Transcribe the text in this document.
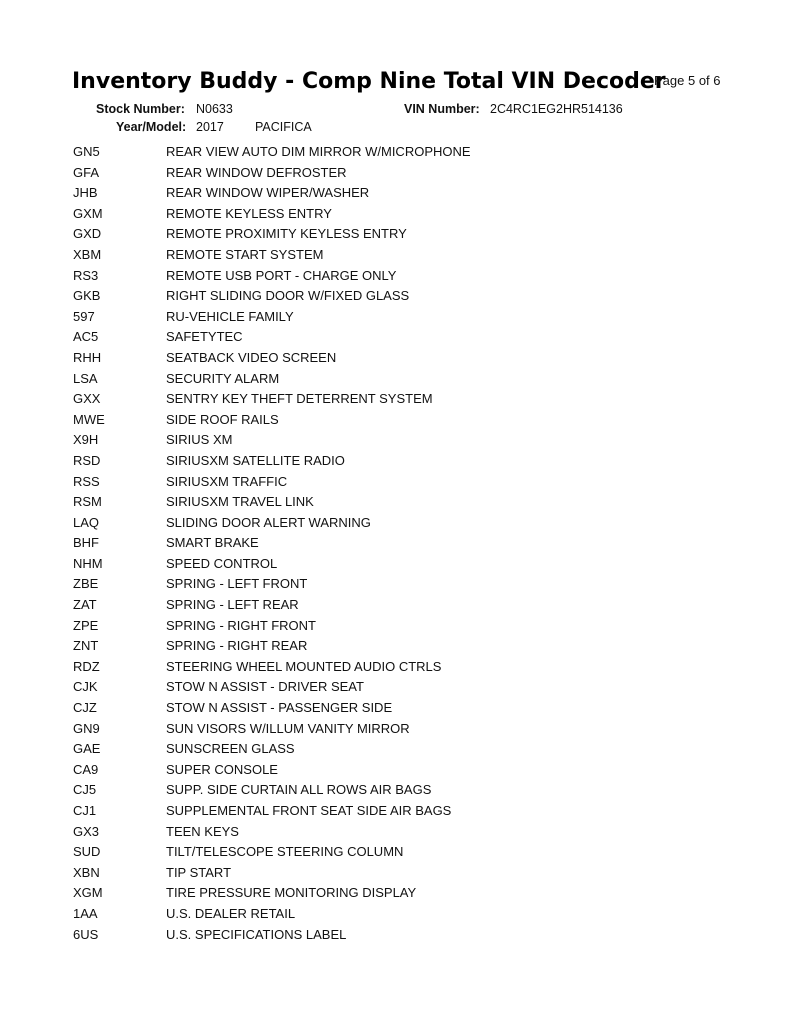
Inventory Buddy - Comp Nine Total VIN Decoder
Page 5 of 6
Stock Number: N0633	VIN Number: 2C4RC1EG2HR514136
Year/Model: 2017 PACIFICA
GN5	REAR VIEW AUTO DIM MIRROR W/MICROPHONE
GFA	REAR WINDOW DEFROSTER
JHB	REAR WINDOW WIPER/WASHER
GXM	REMOTE KEYLESS ENTRY
GXD	REMOTE PROXIMITY KEYLESS ENTRY
XBM	REMOTE START SYSTEM
RS3	REMOTE USB PORT - CHARGE ONLY
GKB	RIGHT SLIDING DOOR W/FIXED GLASS
597	RU-VEHICLE FAMILY
AC5	SAFETYTEC
RHH	SEATBACK VIDEO SCREEN
LSA	SECURITY ALARM
GXX	SENTRY KEY THEFT DETERRENT SYSTEM
MWE	SIDE ROOF RAILS
X9H	SIRIUS XM
RSD	SIRIUSXM SATELLITE RADIO
RSS	SIRIUSXM TRAFFIC
RSM	SIRIUSXM TRAVEL LINK
LAQ	SLIDING DOOR ALERT WARNING
BHF	SMART BRAKE
NHM	SPEED CONTROL
ZBE	SPRING - LEFT FRONT
ZAT	SPRING - LEFT REAR
ZPE	SPRING - RIGHT FRONT
ZNT	SPRING - RIGHT REAR
RDZ	STEERING WHEEL MOUNTED AUDIO CTRLS
CJK	STOW N ASSIST - DRIVER SEAT
CJZ	STOW N ASSIST - PASSENGER SIDE
GN9	SUN VISORS W/ILLUM VANITY MIRROR
GAE	SUNSCREEN GLASS
CA9	SUPER CONSOLE
CJ5	SUPP. SIDE CURTAIN ALL ROWS AIR BAGS
CJ1	SUPPLEMENTAL FRONT SEAT SIDE AIR BAGS
GX3	TEEN KEYS
SUD	TILT/TELESCOPE STEERING COLUMN
XBN	TIP START
XGM	TIRE PRESSURE MONITORING DISPLAY
1AA	U.S. DEALER RETAIL
6US	U.S. SPECIFICATIONS LABEL
